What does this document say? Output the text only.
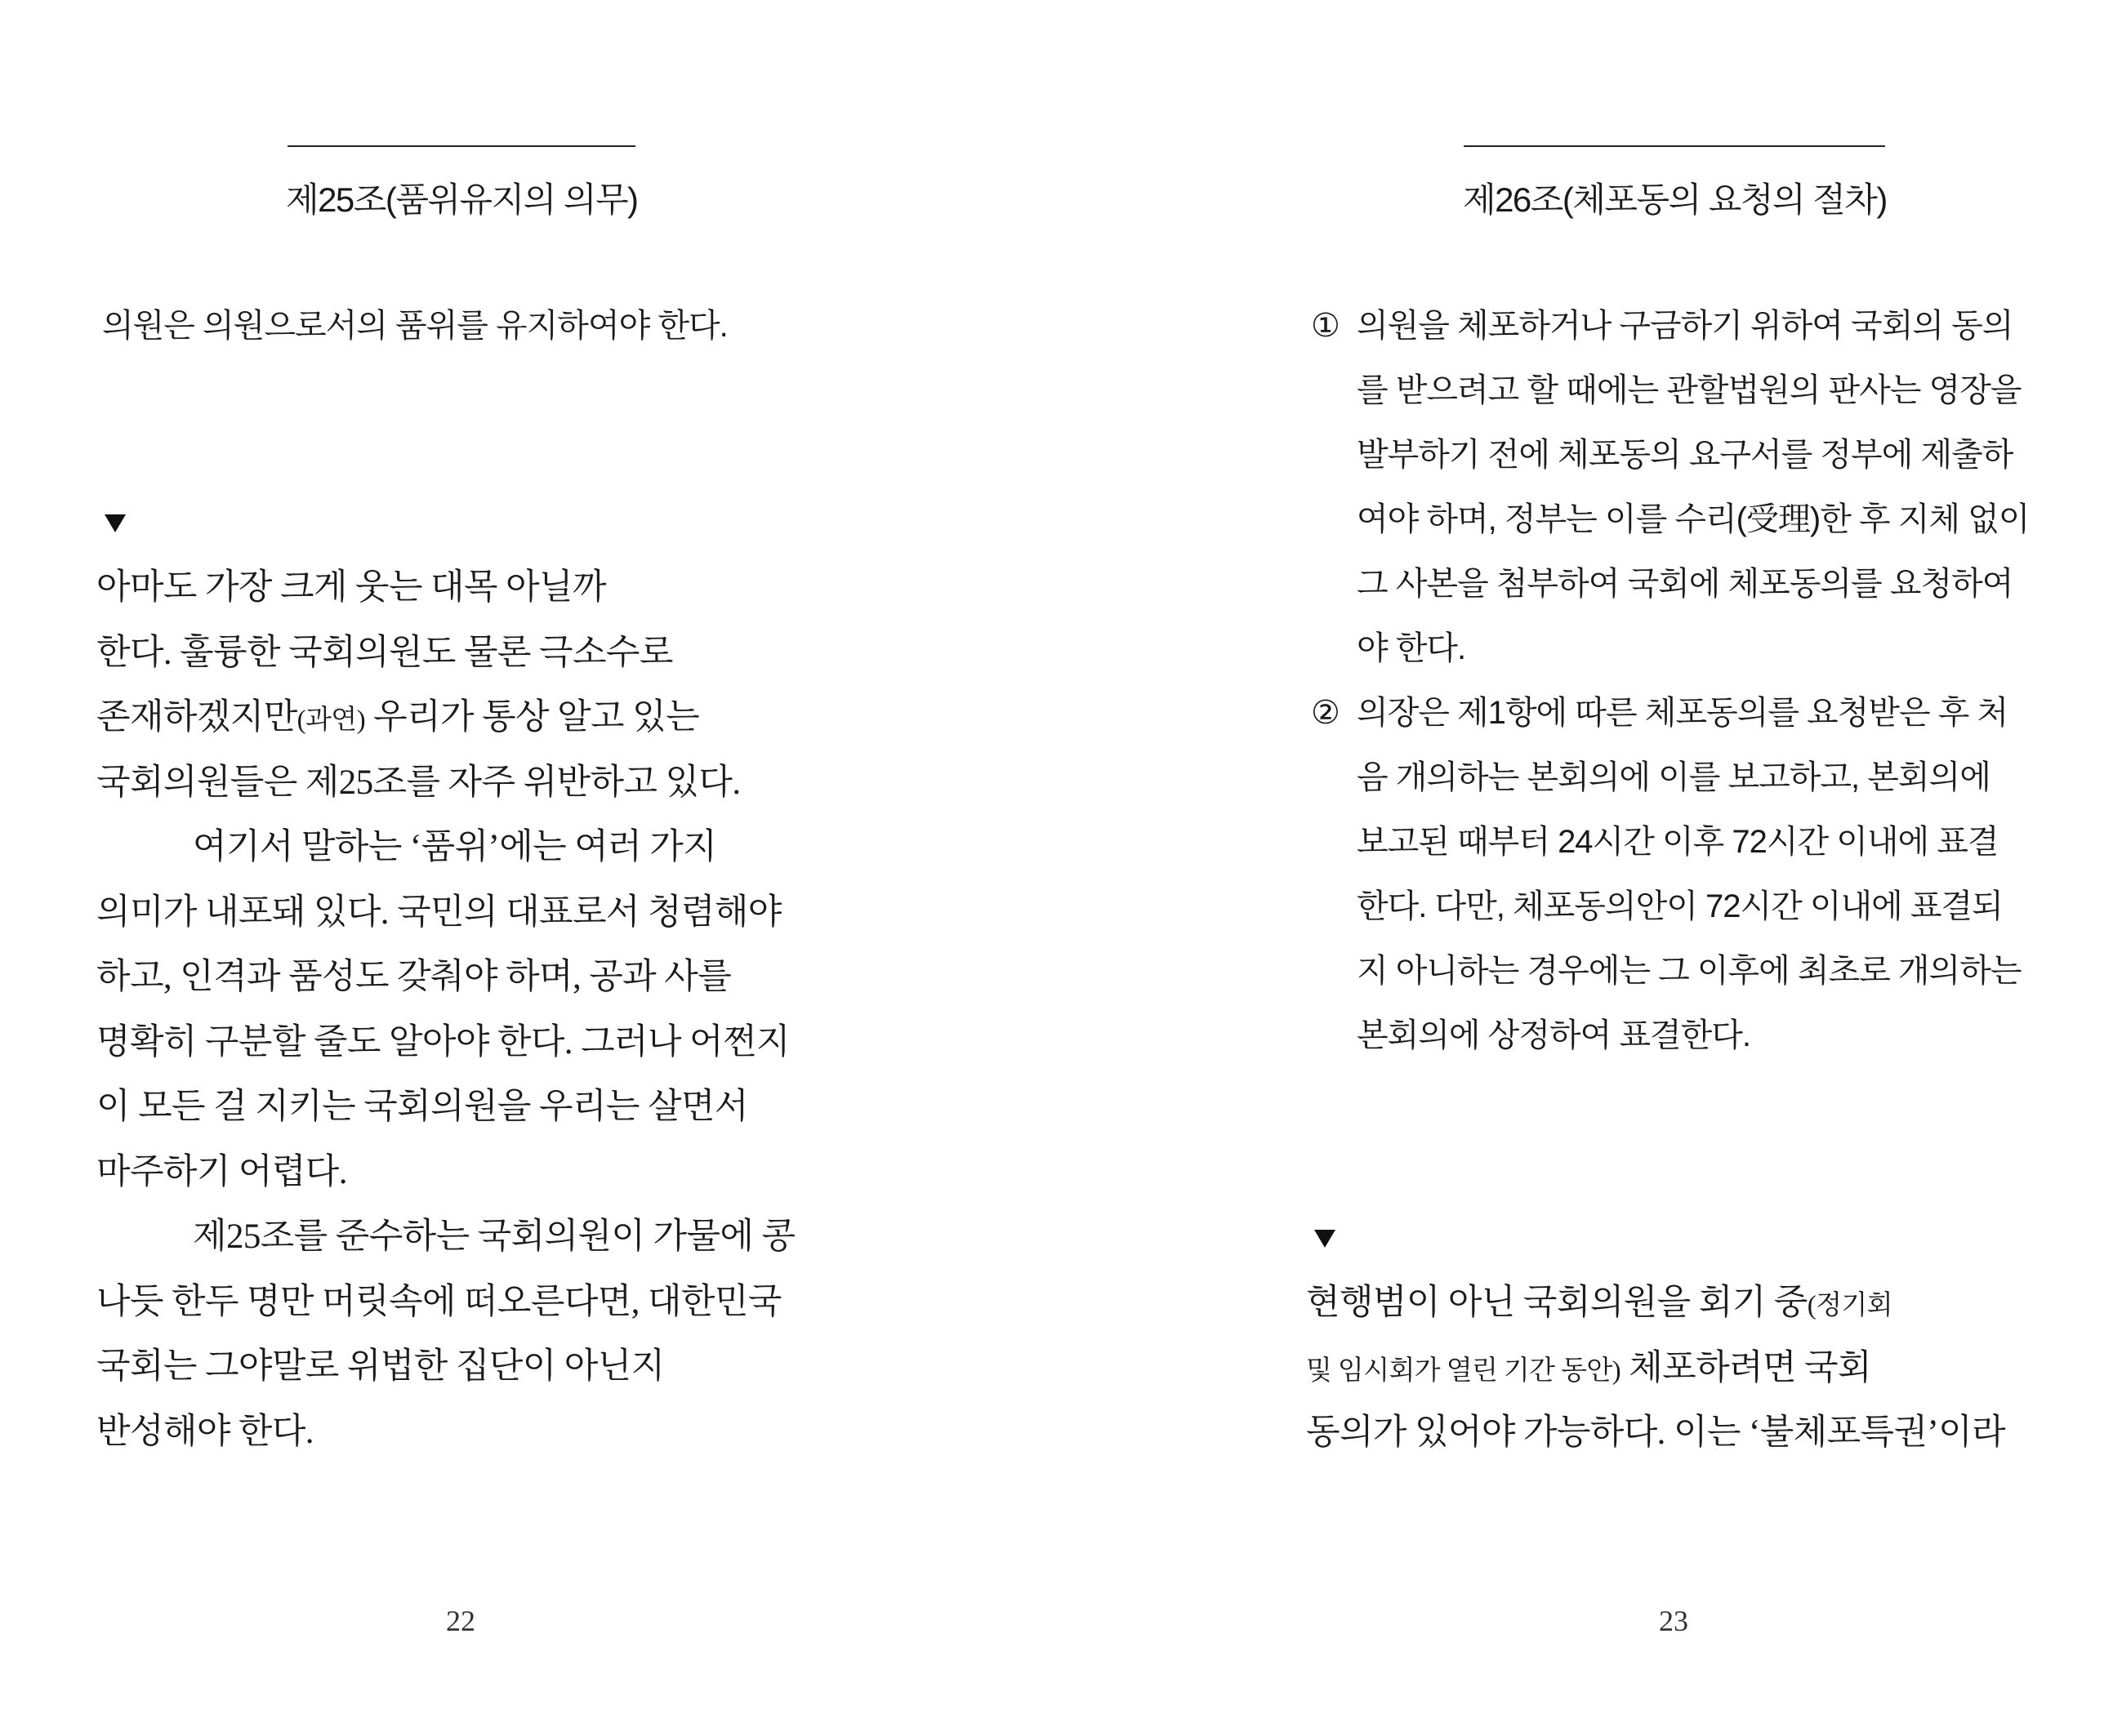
제25조(품위유지의 의무)
의원은 의원으로서의 품위를 유지하여야 한다.
아마도 가장 크게 웃는 대목 아닐까
한다. 훌륭한 국회의원도 물론 극소수로
존재하겠지만(과연) 우리가 통상 알고 있는
국회의원들은 제25조를 자주 위반하고 있다.
여기서 말하는 ‘품위’에는 여러 가지
의미가 내포돼 있다. 국민의 대표로서 청렴해야
하고, 인격과 품성도 갖춰야 하며, 공과 사를
명확히 구분할 줄도 알아야 한다. 그러나 어쩐지
이 모든 걸 지키는 국회의원을 우리는 살면서
마주하기 어렵다.
제25조를 준수하는 국회의원이 가물에 콩
나듯 한두 명만 머릿속에 떠오른다면, 대한민국
국회는 그야말로 위법한 집단이 아닌지
반성해야 한다.
22
제26조(체포동의 요청의 절차)
① 의원을 체포하거나 구금하기 위하여 국회의 동의
를 받으려고 할 때에는 관할법원의 판사는 영장을
발부하기 전에 체포동의 요구서를 정부에 제출하
여야 하며, 정부는 이를 수리(受理)한 후 지체 없이
그 사본을 첨부하여 국회에 체포동의를 요청하여
야 한다.
② 의장은 제1항에 따른 체포동의를 요청받은 후 처
음 개의하는 본회의에 이를 보고하고, 본회의에
보고된 때부터 24시간 이후 72시간 이내에 표결
한다. 다만, 체포동의안이 72시간 이내에 표결되
지 아니하는 경우에는 그 이후에 최초로 개의하는
본회의에 상정하여 표결한다.
현행범이 아닌 국회의원을 회기 중(정기회
및 임시회가 열린 기간 동안) 체포하려면 국회
동의가 있어야 가능하다. 이는 ‘불체포특권’이라
23
